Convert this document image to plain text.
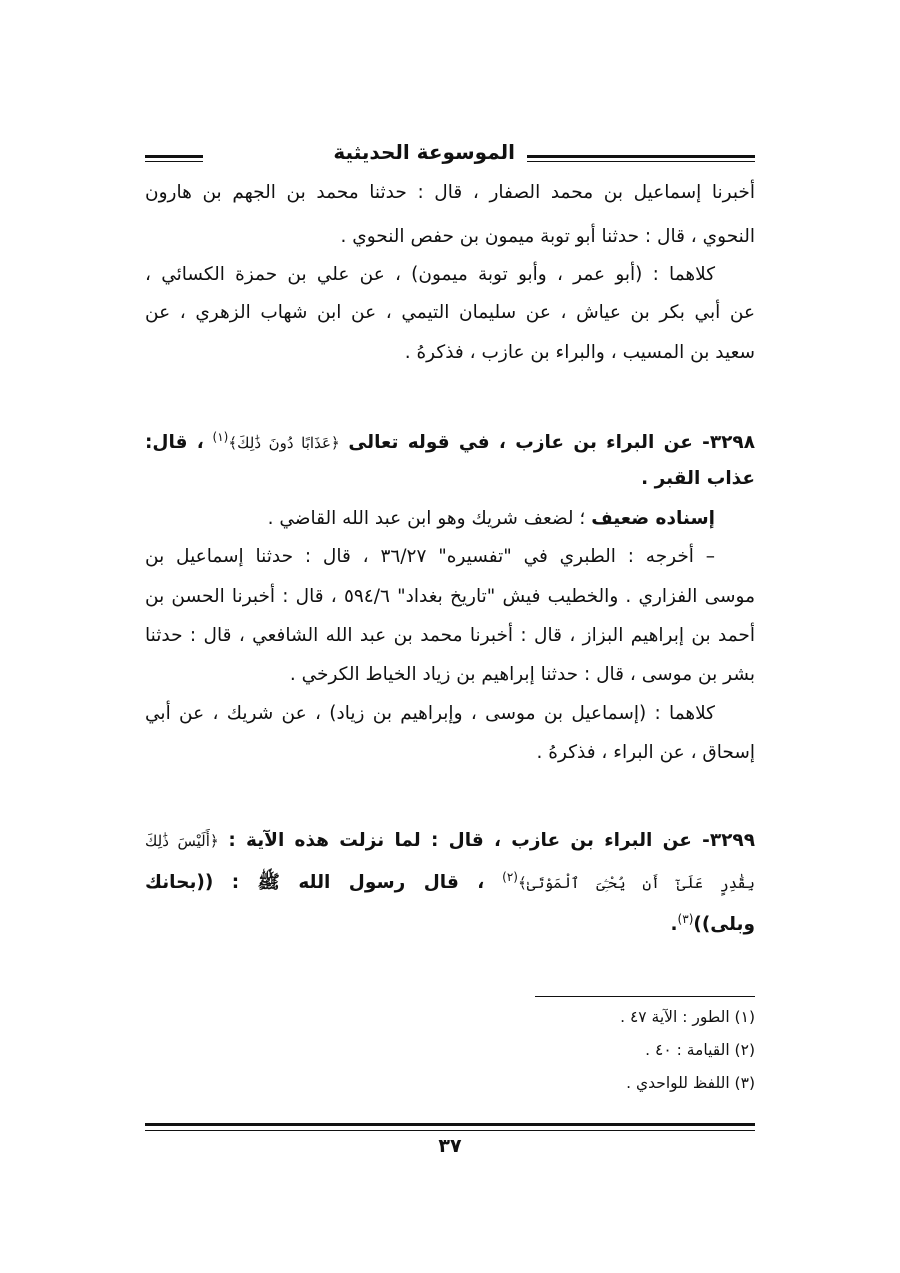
الموسوعة الحديثية
أخبرنا إسماعيل بن محمد الصفار ، قال : حدثنا محمد بن الجهم بن هارون
النحوي ، قال : حدثنا أبو توبة ميمون بن حفص النحوي .
كلاهما : (أبو عمر ، وأبو توبة ميمون) ، عن علي بن حمزة الكسائي ،
عن أبي بكر بن عياش ، عن سليمان التيمي ، عن ابن شهاب الزهري ، عن
سعيد بن المسيب ، والبراء بن عازب ، فذكرهُ .
٣٢٩٨- عن البراء بن عازب ، في قوله تعالى ﴿عَذَابًا دُونَ ذَٰلِكَ﴾$^{(١)}$ ، قال:
عذاب القبر .
إسناده ضعيف ؛ لضعف شريك وهو ابن عبد الله القاضي .
– أخرجه : الطبري في "تفسيره" ٣٦/٢٧ ، قال : حدثنا إسماعيل بن
موسى الفزاري . والخطيب فيش "تاريخ بغداد" ٥٩٤/٦ ، قال : أخبرنا الحسن بن
أحمد بن إبراهيم البزاز ، قال : أخبرنا محمد بن عبد الله الشافعي ، قال : حدثنا
بشر بن موسى ، قال : حدثنا إبراهيم بن زياد الخياط الكرخي .
كلاهما : (إسماعيل بن موسى ، وإبراهيم بن زياد) ، عن شريك ، عن أبي
إسحاق ، عن البراء ، فذكرهُ .
٣٢٩٩- عن البراء بن عازب ، قال : لما نزلت هذه الآية : ﴿أَلَيْسَ ذَٰلِكَ
بِقَٰدِرٍ عَلَىٰٓ أَن يُحْـِۧىَ ٱلْمَوْتَىٰ﴾$^{(٢)}$ ، قال رسول الله ﷺ : ((بحانك
وبلى))$^{(٣)}$.
(١) الطور : الآية ٤٧ .
(٢) القيامة : ٤٠ .
(٣) اللفظ للواحدي .
٣٧
